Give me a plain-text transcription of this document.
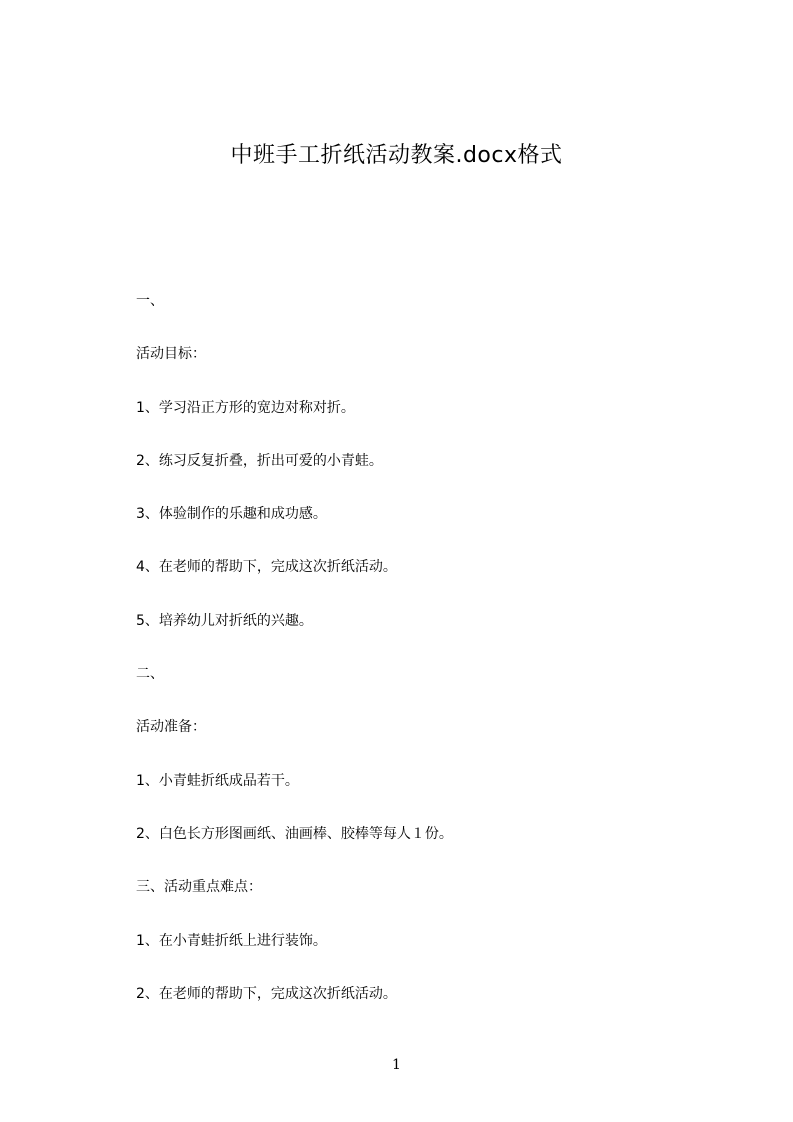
中班手工折纸活动教案.docx格式
一、
活动目标：
1、学习沿正方形的宽边对称对折。
2、练习反复折叠，折出可爱的小青蛙。
3、体验制作的乐趣和成功感。
4、在老师的帮助下，完成这次折纸活动。
5、培养幼儿对折纸的兴趣。
二、
活动准备：
1、小青蛙折纸成品若干。
2、白色长方形图画纸、油画棒、胶棒等每人１份。
三、活动重点难点：
1、在小青蛙折纸上进行装饰。
2、在老师的帮助下，完成这次折纸活动。
1
